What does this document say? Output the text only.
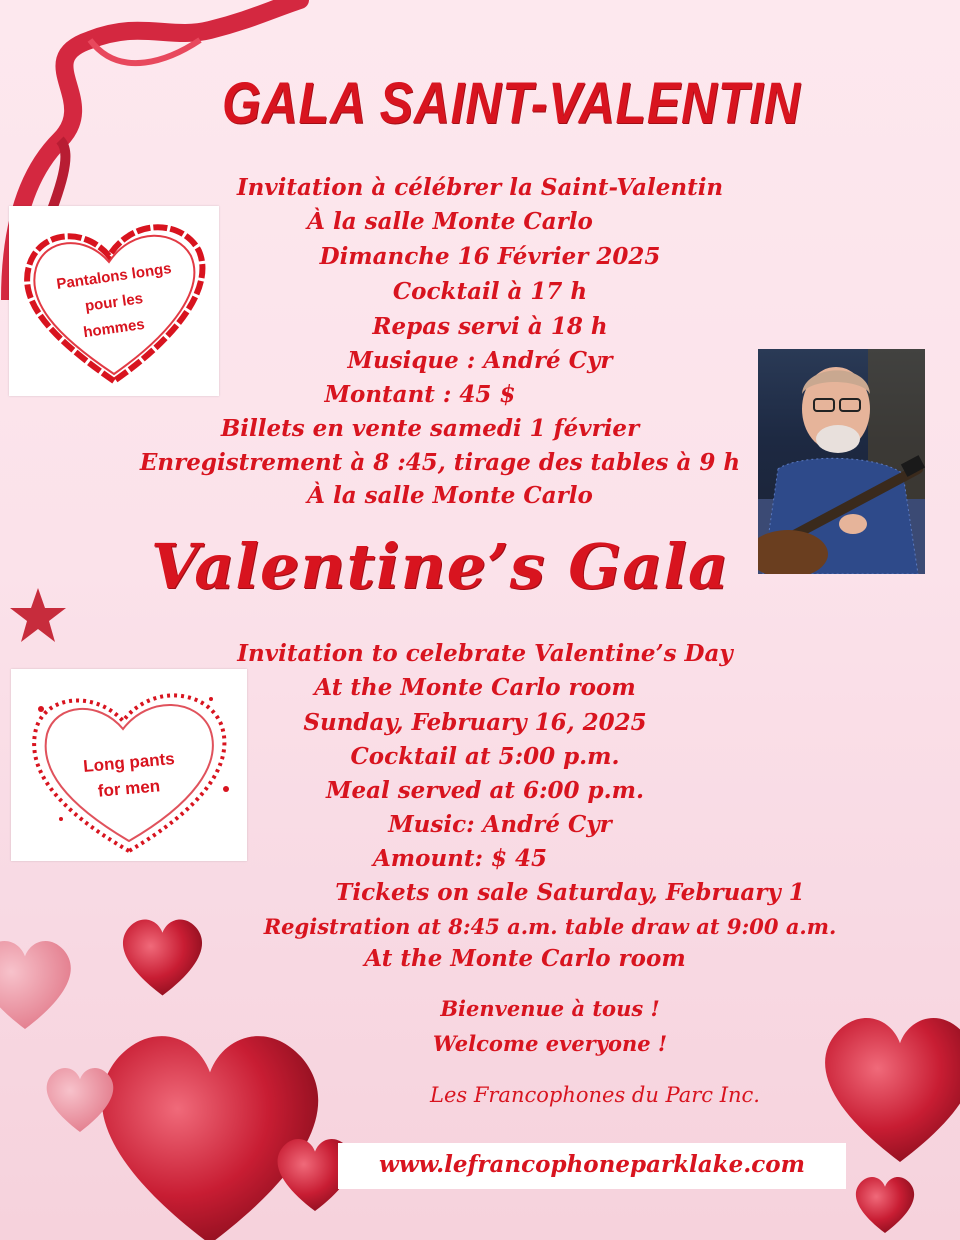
GALA SAINT-VALENTIN
Invitation à célébrer la Saint-Valentin
À la salle Monte Carlo
Dimanche 16 Février 2025
Cocktail à 17 h
Repas servi à 18 h
Musique : André Cyr
Montant : 45 $
Billets en vente samedi 1 février
Enregistrement à 8 :45, tirage des tables à 9 h
À la salle Monte Carlo
Valentine’s Gala
Invitation to celebrate Valentine’s Day
At the Monte Carlo room
Sunday, February 16, 2025
Cocktail at 5:00 p.m.
Meal served at 6:00 p.m.
Music: André Cyr
Amount: $ 45
Tickets on sale Saturday, February 1
Registration at 8:45 a.m. table draw at 9:00 a.m.
At the Monte Carlo room
Bienvenue à tous !
Welcome everyone !
Les Francophones du Parc Inc.
www.lefrancophoneparklake.com
Pantalons longs
pour les
hommes
Long pants
for men
